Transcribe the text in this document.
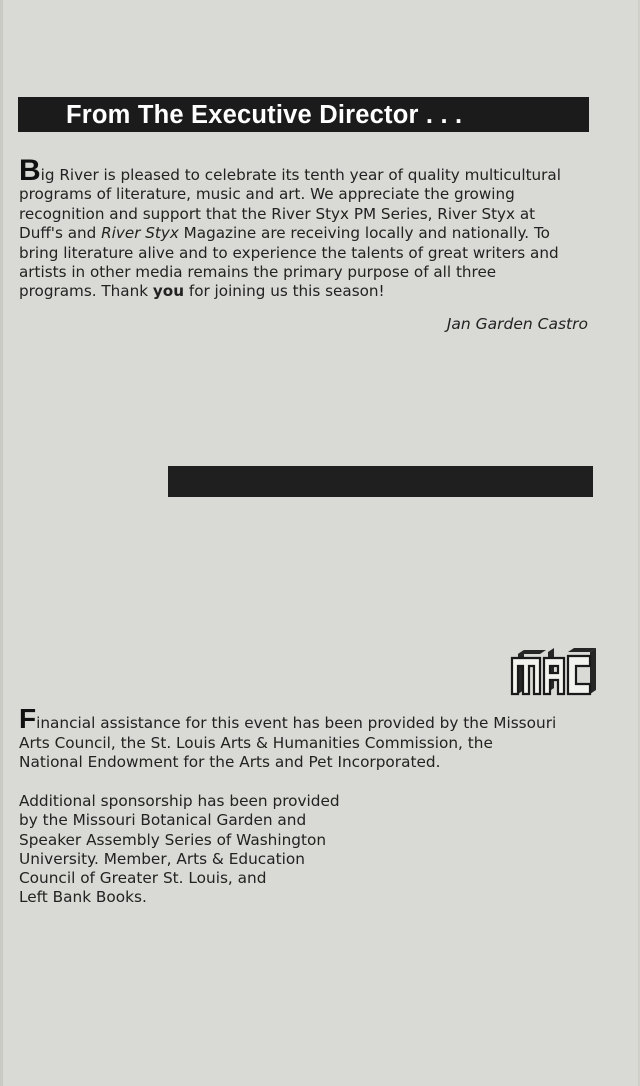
From The Executive Director . . .
Big River is pleased to celebrate its tenth year of quality multicultural
programs of literature, music and art. We appreciate the growing
recognition and support that the River Styx PM Series, River Styx at
Duff's and River Styx Magazine are receiving locally and nationally. To
bring literature alive and to experience the talents of great writers and
artists in other media remains the primary purpose of all three
programs. Thank you for joining us this season!
Jan Garden Castro
Financial assistance for this event has been provided by the Missouri
Arts Council, the St. Louis Arts & Humanities Commission, the
National Endowment for the Arts and Pet Incorporated.
Additional sponsorship has been provided
by the Missouri Botanical Garden and
Speaker Assembly Series of Washington
University. Member, Arts & Education
Council of Greater St. Louis, and
Left Bank Books.
